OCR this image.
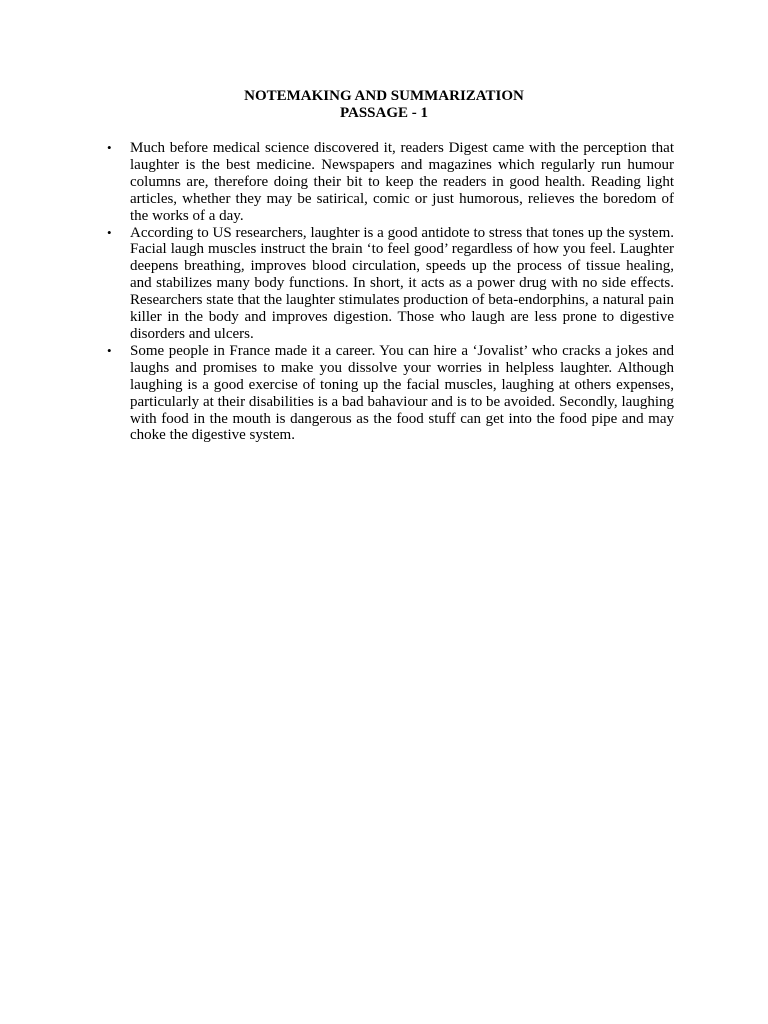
NOTEMAKING AND SUMMARIZATION
PASSAGE - 1
• Much before medical science discovered it, readers Digest came with the perception that laughter is the best medicine. Newspapers and magazines which regularly run humour columns are, therefore doing their bit to keep the readers in good health. Reading light articles, whether they may be satirical, comic or just humorous, relieves the boredom of the works of a day.
• According to US researchers, laughter is a good antidote to stress that tones up the system. Facial laugh muscles instruct the brain ‘to feel good’ regardless of how you feel. Laughter deepens breathing, improves blood circulation, speeds up the process of tissue healing, and stabilizes many body functions. In short, it acts as a power drug with no side effects. Researchers state that the laughter stimulates production of beta-endorphins, a natural pain killer in the body and improves digestion. Those who laugh are less prone to digestive disorders and ulcers.
• Some people in France made it a career. You can hire a ‘Jovalist’ who cracks a jokes and laughs and promises to make you dissolve your worries in helpless laughter. Although laughing is a good exercise of toning up the facial muscles, laughing at others expenses, particularly at their disabilities is a bad bahaviour and is to be avoided. Secondly, laughing with food in the mouth is dangerous as the food stuff can get into the food pipe and may choke the digestive system.
